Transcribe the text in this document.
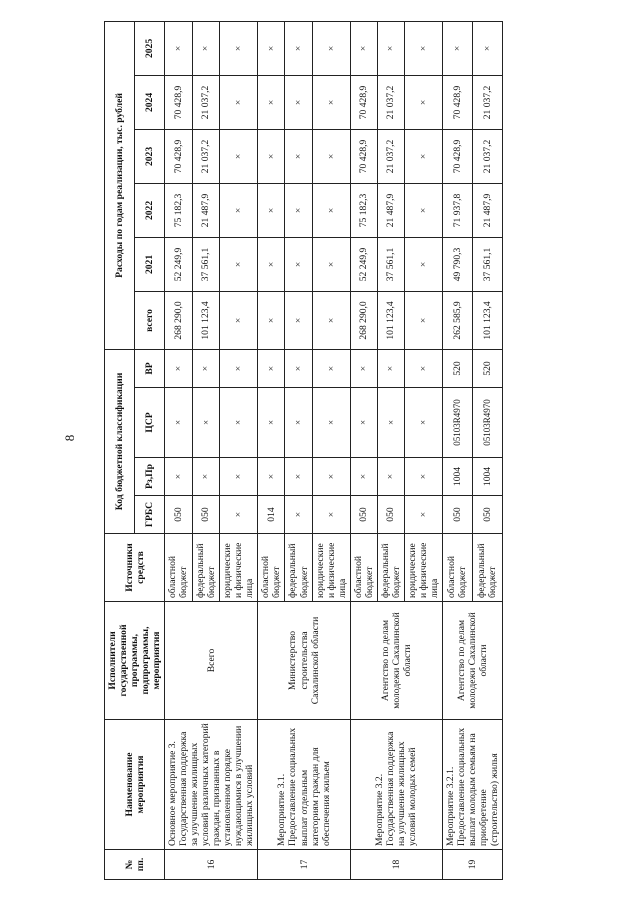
8
№ пп.	Наименование мероприятия	Исполнители государственной программы, подпрограммы, мероприятия	Источники средств	Код бюджетной классификации				Расходы по годам реализации, тыс. рублей					
				ГРБС	Рз,Пр	ЦСР	ВР	всего	2021	2022	2023	2024	2025
16	Основное мероприятие 3. Государственная поддержка за улучшение жилищных условий различных категорий граждан, признанных в установленном порядке нуждающимися в улучшении жилищных условий	Всего	областной бюджет	050	×	×	×	268 290,0	52 249,9	75 182,3	70 428,9	70 428,9	×
			федеральный бюджет	050	×	×	×	101 123,4	37 561,1	21 487,9	21 037,2	21 037,2	×
			юридические и физические лица	×	×	×	×	×	×	×	×	×	×
17	Мероприятие 3.1. Предоставление социальных выплат отдельным категориям граждан для обеспечения жильем	Министерство строительства Сахалинской области	областной бюджет	014	×	×	×	×	×	×	×	×	×
			федеральный бюджет	×	×	×	×	×	×	×	×	×	×
			юридические и физические лица	×	×	×	×	×	×	×	×	×	×
18	Мероприятие 3.2. Государственная поддержка на улучшение жилищных условий молодых семей	Агентство по делам молодежи Сахалинской области	областной бюджет	050	×	×	×	268 290,0	52 249,9	75 182,3	70 428,9	70 428,9	×
			федеральный бюджет	050	×	×	×	101 123,4	37 561,1	21 487,9	21 037,2	21 037,2	×
			юридические и физические лица	×	×	×	×	×	×	×	×	×	×
19	Мероприятие 3.2.1. Предоставление социальных выплат молодым семьям на приобретение (строительство) жилья	Агентство по делам молодежи Сахалинской области	областной бюджет	050	1004	05103R4970	520	262 585,9	49 790,3	71 937,8	70 428,9	70 428,9	×
			федеральный бюджет	050	1004	05103R4970	520	101 123,4	37 561,1	21 487,9	21 037,2	21 037,2	×
